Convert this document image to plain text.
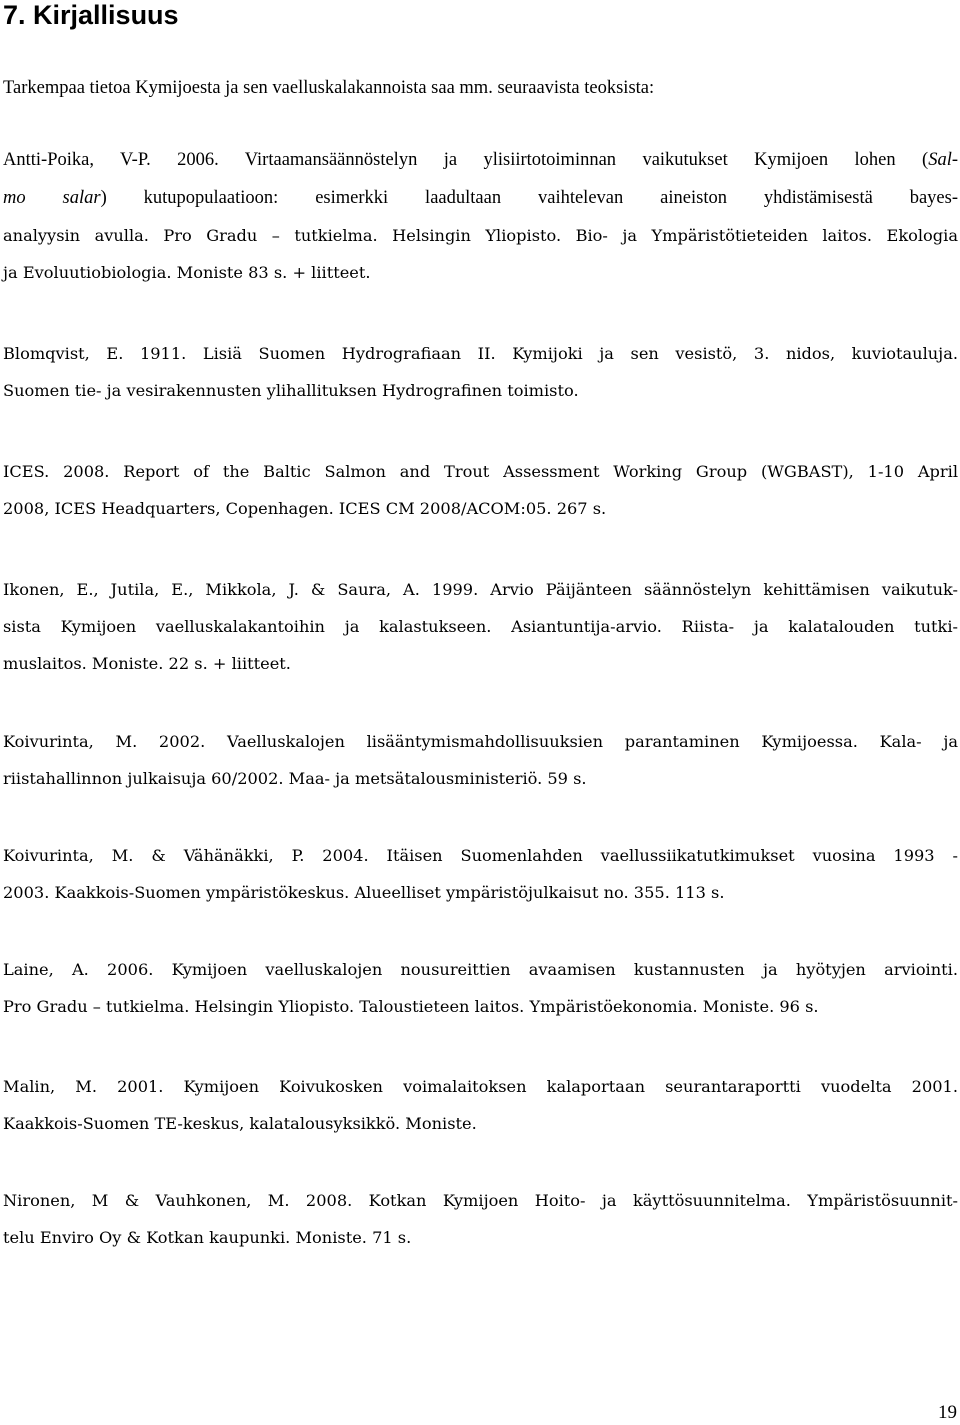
7. Kirjallisuus

Tarkempaa tietoa Kymijoesta ja sen vaelluskalakannoista saa mm. seuraavista teoksista:

Antti-Poika, V-P. 2006. Virtaamansäännöstelyn ja ylisiirtotoiminnan vaikutukset Kymijoen lohen (Sal-
mo salar) kutupopulaatioon: esimerkki laadultaan vaihtelevan aineiston yhdistämisestä bayes-
analyysin avulla. Pro Gradu – tutkielma. Helsingin Yliopisto. Bio- ja Ympäristötieteiden laitos. Ekologia
ja Evoluutiobiologia. Moniste 83 s. + liitteet.
Blomqvist, E. 1911. Lisiä Suomen Hydrografiaan II. Kymijoki ja sen vesistö, 3. nidos, kuviotauluja.
Suomen tie- ja vesirakennusten ylihallituksen Hydrografinen toimisto.
ICES. 2008. Report of the Baltic Salmon and Trout Assessment Working Group (WGBAST), 1-10 April
2008, ICES Headquarters, Copenhagen. ICES CM 2008/ACOM:05. 267 s.
Ikonen, E., Jutila, E., Mikkola, J. & Saura, A. 1999. Arvio Päijänteen säännöstelyn kehittämisen vaikutuk-
sista Kymijoen vaelluskalakantoihin ja kalastukseen. Asiantuntija-arvio. Riista- ja kalatalouden tutki-
muslaitos. Moniste. 22 s. + liitteet.
Koivurinta, M. 2002. Vaelluskalojen lisääntymismahdollisuuksien parantaminen Kymijoessa. Kala- ja
riistahallinnon julkaisuja 60/2002. Maa- ja metsätalousministeriö. 59 s.
Koivurinta, M. & Vähänäkki, P. 2004. Itäisen Suomenlahden vaellussiikatutkimukset vuosina 1993 -
2003. Kaakkois-Suomen ympäristökeskus. Alueelliset ympäristöjulkaisut no. 355. 113 s.
Laine, A. 2006. Kymijoen vaelluskalojen nousureittien avaamisen kustannusten ja hyötyjen arviointi.
Pro Gradu – tutkielma. Helsingin Yliopisto. Taloustieteen laitos. Ympäristöekonomia. Moniste. 96 s.
Malin, M. 2001. Kymijoen Koivukosken voimalaitoksen kalaportaan seurantaraportti vuodelta 2001.
Kaakkois-Suomen TE-keskus, kalatalousyksikkö. Moniste.
Nironen, M & Vauhkonen, M. 2008. Kotkan Kymijoen Hoito- ja käyttösuunnitelma. Ympäristösuunnit-
telu Enviro Oy & Kotkan kaupunki. Moniste. 71 s.

19
